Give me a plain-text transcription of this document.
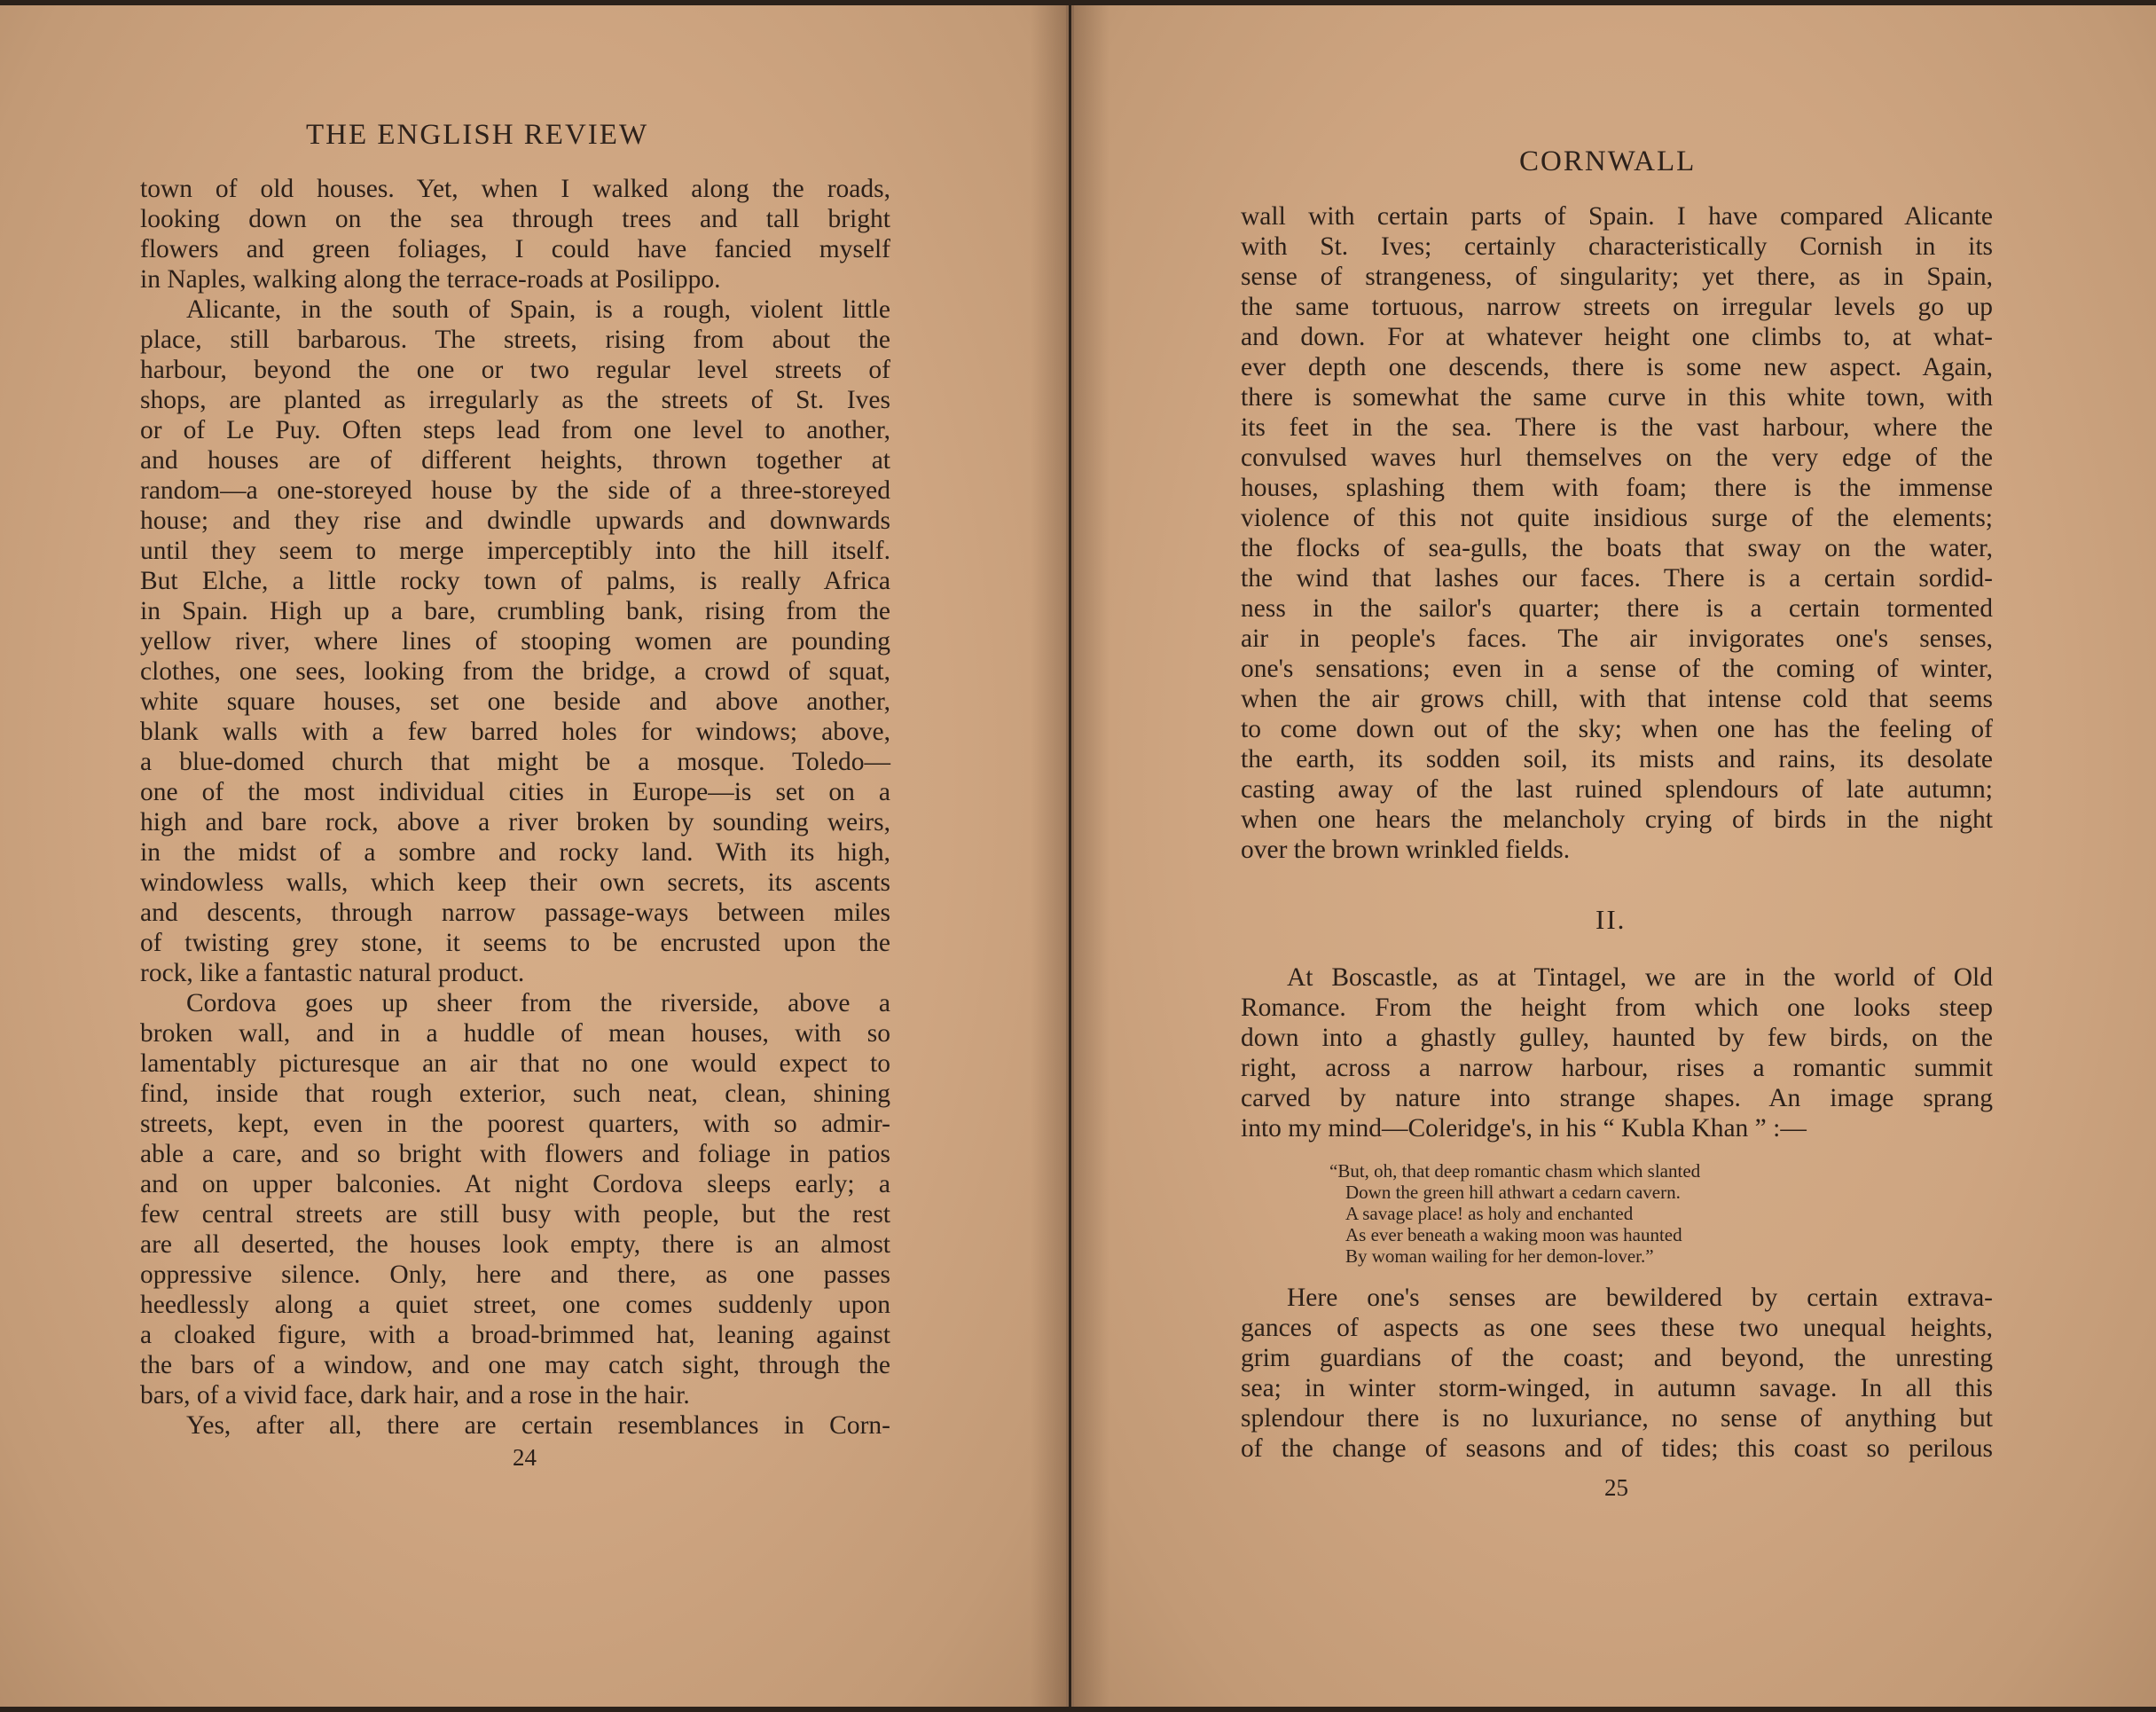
THE ENGLISH REVIEW
town of old houses. Yet, when I walked along the roads,
looking down on the sea through trees and tall bright
flowers and green foliages, I could have fancied myself
in Naples, walking along the terrace-roads at Posilippo.
Alicante, in the south of Spain, is a rough, violent little
place, still barbarous. The streets, rising from about the
harbour, beyond the one or two regular level streets of
shops, are planted as irregularly as the streets of St. Ives
or of Le Puy. Often steps lead from one level to another,
and houses are of different heights, thrown together at
random—a one-storeyed house by the side of a three-storeyed
house; and they rise and dwindle upwards and downwards
until they seem to merge imperceptibly into the hill itself.
But Elche, a little rocky town of palms, is really Africa
in Spain. High up a bare, crumbling bank, rising from the
yellow river, where lines of stooping women are pounding
clothes, one sees, looking from the bridge, a crowd of squat,
white square houses, set one beside and above another,
blank walls with a few barred holes for windows; above,
a blue-domed church that might be a mosque. Toledo—
one of the most individual cities in Europe—is set on a
high and bare rock, above a river broken by sounding weirs,
in the midst of a sombre and rocky land. With its high,
windowless walls, which keep their own secrets, its ascents
and descents, through narrow passage-ways between miles
of twisting grey stone, it seems to be encrusted upon the
rock, like a fantastic natural product.
Cordova goes up sheer from the riverside, above a
broken wall, and in a huddle of mean houses, with so
lamentably picturesque an air that no one would expect to
find, inside that rough exterior, such neat, clean, shining
streets, kept, even in the poorest quarters, with so admir-
able a care, and so bright with flowers and foliage in patios
and on upper balconies. At night Cordova sleeps early; a
few central streets are still busy with people, but the rest
are all deserted, the houses look empty, there is an almost
oppressive silence. Only, here and there, as one passes
heedlessly along a quiet street, one comes suddenly upon
a cloaked figure, with a broad-brimmed hat, leaning against
the bars of a window, and one may catch sight, through the
bars, of a vivid face, dark hair, and a rose in the hair.
Yes, after all, there are certain resemblances in Corn-
24
CORNWALL
wall with certain parts of Spain. I have compared Alicante
with St. Ives; certainly characteristically Cornish in its
sense of strangeness, of singularity; yet there, as in Spain,
the same tortuous, narrow streets on irregular levels go up
and down. For at whatever height one climbs to, at what-
ever depth one descends, there is some new aspect. Again,
there is somewhat the same curve in this white town, with
its feet in the sea. There is the vast harbour, where the
convulsed waves hurl themselves on the very edge of the
houses, splashing them with foam; there is the immense
violence of this not quite insidious surge of the elements;
the flocks of sea-gulls, the boats that sway on the water,
the wind that lashes our faces. There is a certain sordid-
ness in the sailor's quarter; there is a certain tormented
air in people's faces. The air invigorates one's senses,
one's sensations; even in a sense of the coming of winter,
when the air grows chill, with that intense cold that seems
to come down out of the sky; when one has the feeling of
the earth, its sodden soil, its mists and rains, its desolate
casting away of the last ruined splendours of late autumn;
when one hears the melancholy crying of birds in the night
over the brown wrinkled fields.
II.
At Boscastle, as at Tintagel, we are in the world of Old
Romance. From the height from which one looks steep
down into a ghastly gulley, haunted by few birds, on the
right, across a narrow harbour, rises a romantic summit
carved by nature into strange shapes. An image sprang
into my mind—Coleridge's, in his “ Kubla Khan ” :—
“But, oh, that deep romantic chasm which slanted
Down the green hill athwart a cedarn cavern.
A savage place! as holy and enchanted
As ever beneath a waking moon was haunted
By woman wailing for her demon-lover.”
Here one's senses are bewildered by certain extrava-
gances of aspects as one sees these two unequal heights,
grim guardians of the coast; and beyond, the unresting
sea; in winter storm-winged, in autumn savage. In all this
splendour there is no luxuriance, no sense of anything but
of the change of seasons and of tides; this coast so perilous
25
